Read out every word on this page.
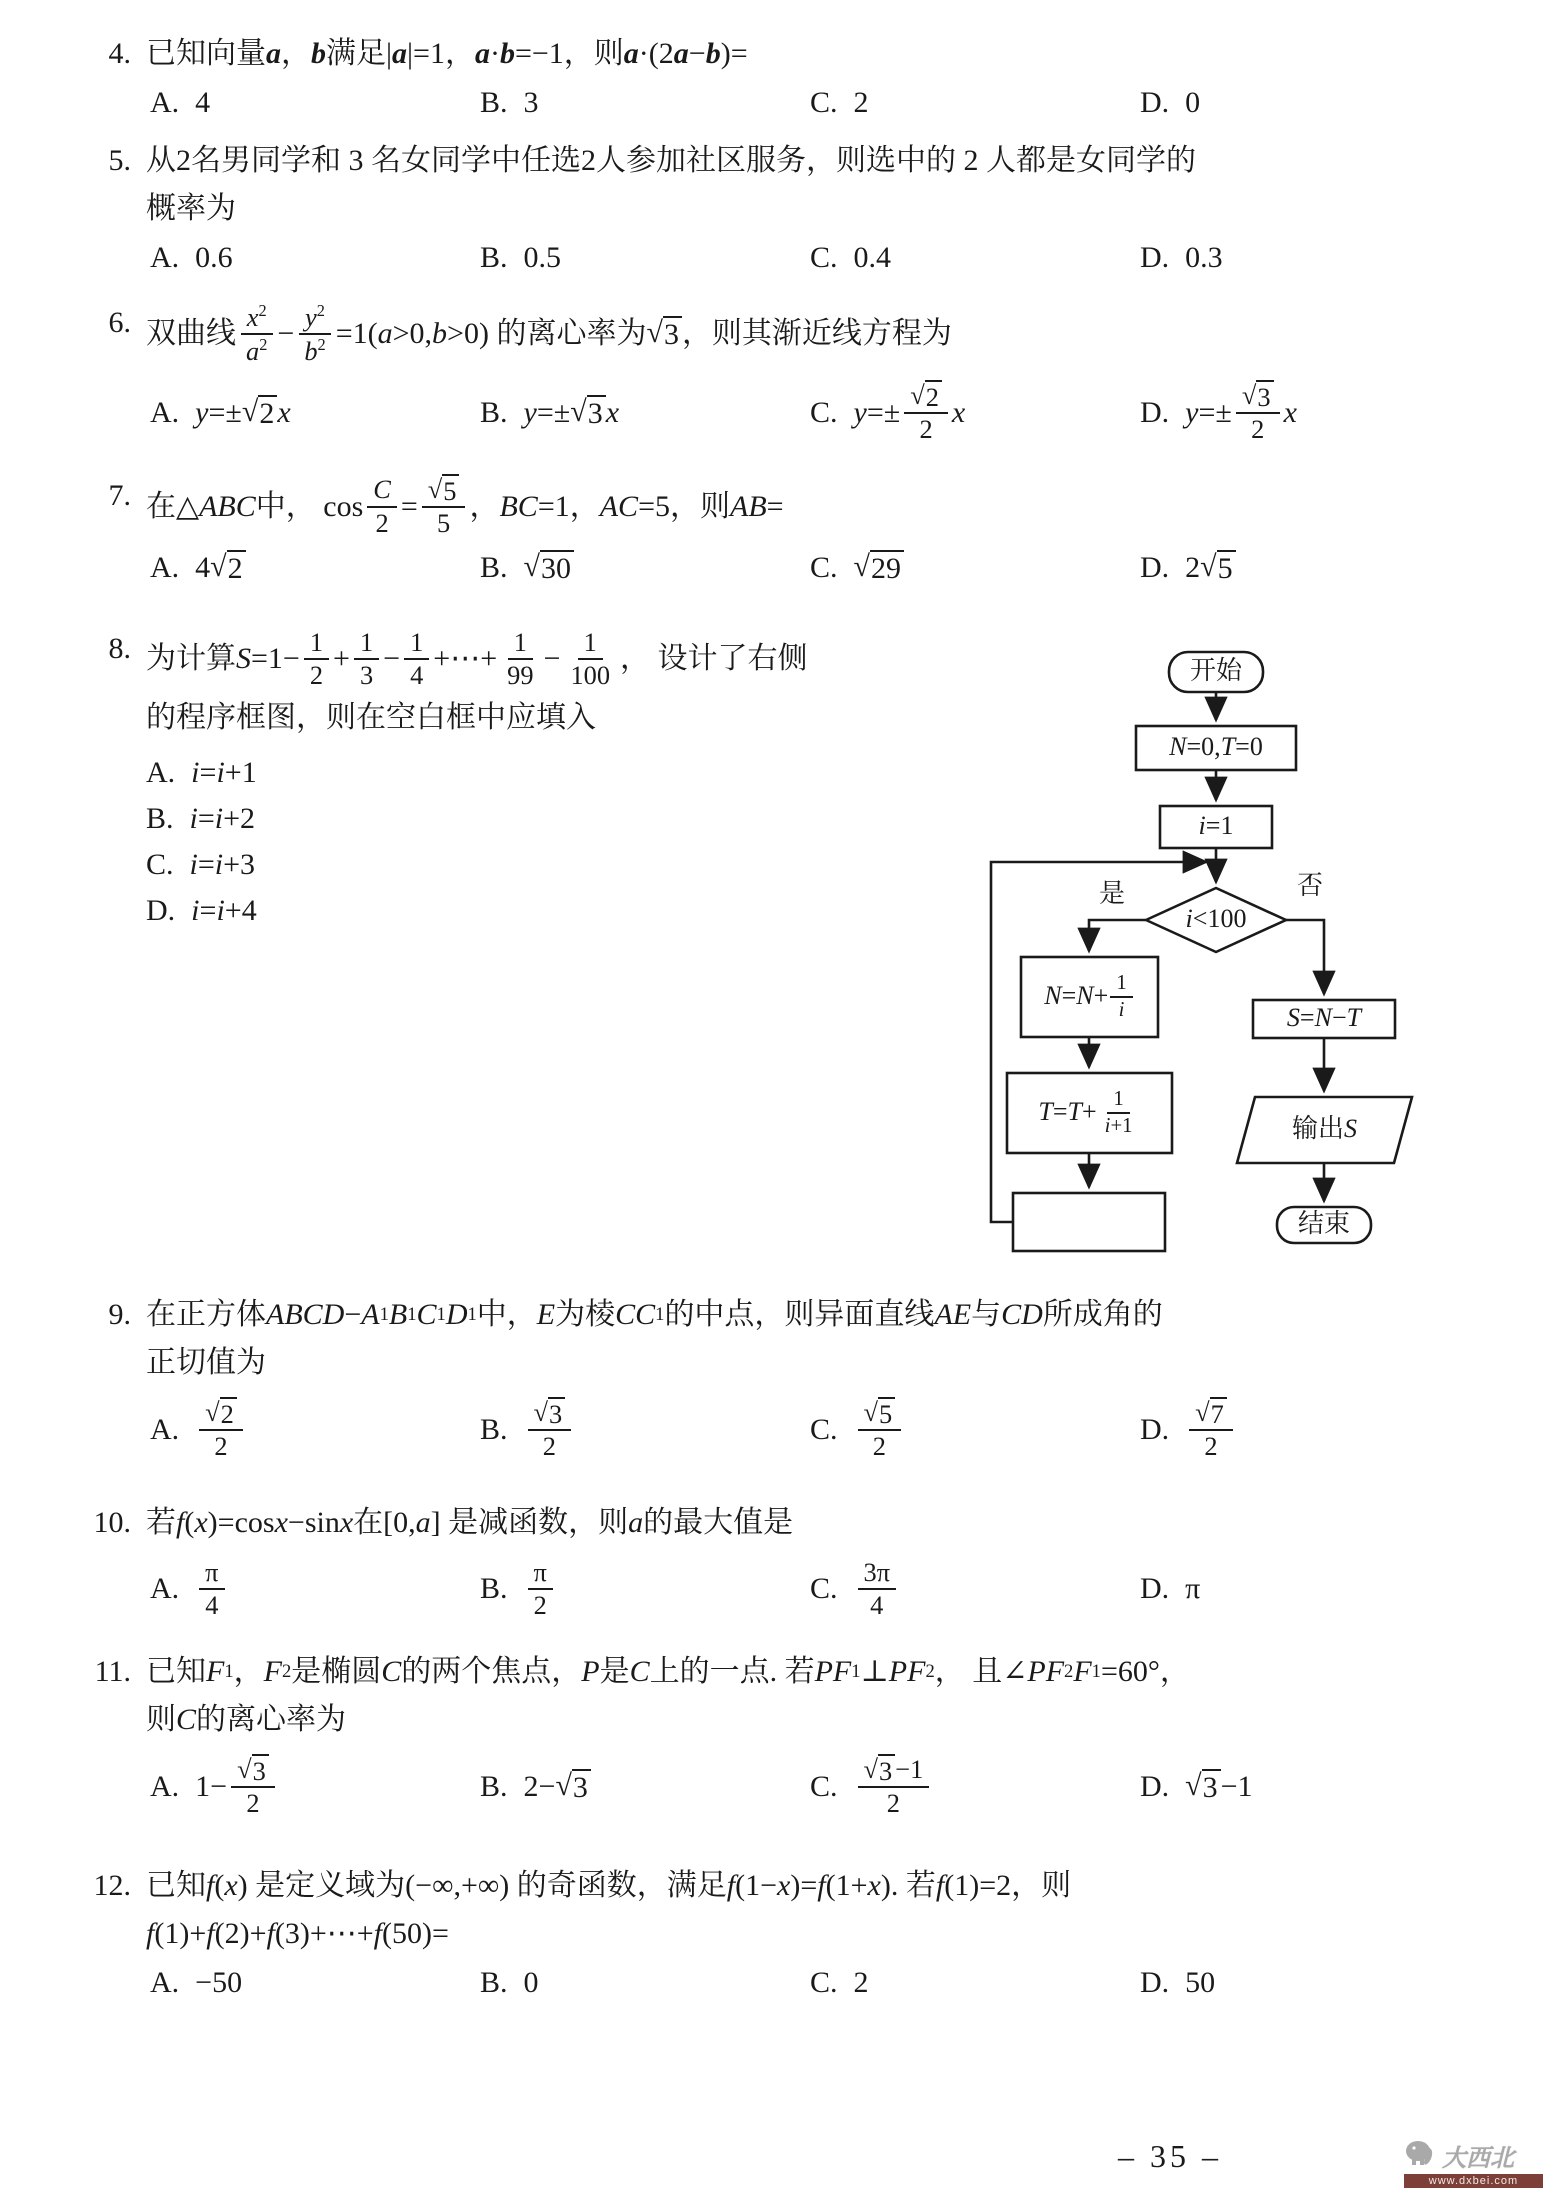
4. 已知向量 a ， b 满足| a |=1， a · b =−1，则 a ·(2 a − b )=
A. 4	B. 3	C. 2	D. 0
5. 从2名男同学和 3 名女同学中任选2人参加社区服务，则选中的 2 人都是女同学的
概率为
A. 0.6	B. 0.5	C. 0.4	D. 0.3
6. 双曲线 $\frac{x^2}{a^2} - \frac{y^2}{b^2} =1$( a >0, b >0) 的离心率为 √ 3 ，则其渐近线方程为
A. y =± √ 2 x	B. y =± √ 3 x	C. $y =\pm \frac{√ 2}{2}$ x	D. $y =\pm \frac{√ 3}{2}$ x
7. 在△ ABC 中， $\cos \frac{C}{2} = \frac{√ 5}{5}$ ， BC =1， AC =5，则 AB =
A. 4 √ 2	B. √ 30	C. √ 29	D. 2 √ 5
8. 为计算 $S =1- \frac{1}{2} + \frac{1}{3} - \frac{1}{4}$ +⋯+ $\frac{1}{99} - \frac{1}{100}$ ， 设计了右侧
的程序框图，则在空白框中应填入
A. i = i +1
B. i = i +2
C. i = i +3
D. i = i +4
开始
N =0, T =0
i =1
i <100
是	否
$N = N + \frac{1}{i}$
$T = T + \frac{1}{i+1}$
S = N − T
输出 S
结束
9. 在正方体 ABCD − A 1 B 1 C 1 D 1 中， E 为棱 CC 1 的中点，则异面直线 AE 与 CD 所成角的
正切值为
A. $\frac{√ 2}{2}$	B. $\frac{√ 3}{2}$	C. $\frac{√ 5}{2}$	D. $\frac{√ 7}{2}$
10. 若 f ( x )=cos x −sin x 在[0, a ] 是减函数，则 a 的最大值是
A. $\frac{\pi}{4}$	B. $\frac{\pi}{2}$	C. $\frac{3\pi}{4}$	D. π
11. 已知 F 1 ， F 2 是椭圆 C 的两个焦点， P 是 C 上的一点. 若 PF 1 ⊥ PF 2 ， 且∠ PF 2 F 1 =60°，
则 C 的离心率为
A. $1- \frac{√ 3}{2}$	B. 2− √ 3	C. $\frac{√ 3 -1}{2}$	D. √ 3 −1
12. 已知 f ( x ) 是定义域为(−∞,+∞) 的奇函数，满足 f (1− x )= f (1+ x ). 若 f (1)=2，则
f (1)+ f (2)+ f (3)+⋯+ f (50)=
A. −50	B. 0	C. 2	D. 50
– 35 –	大西北
www.dxbei.com
